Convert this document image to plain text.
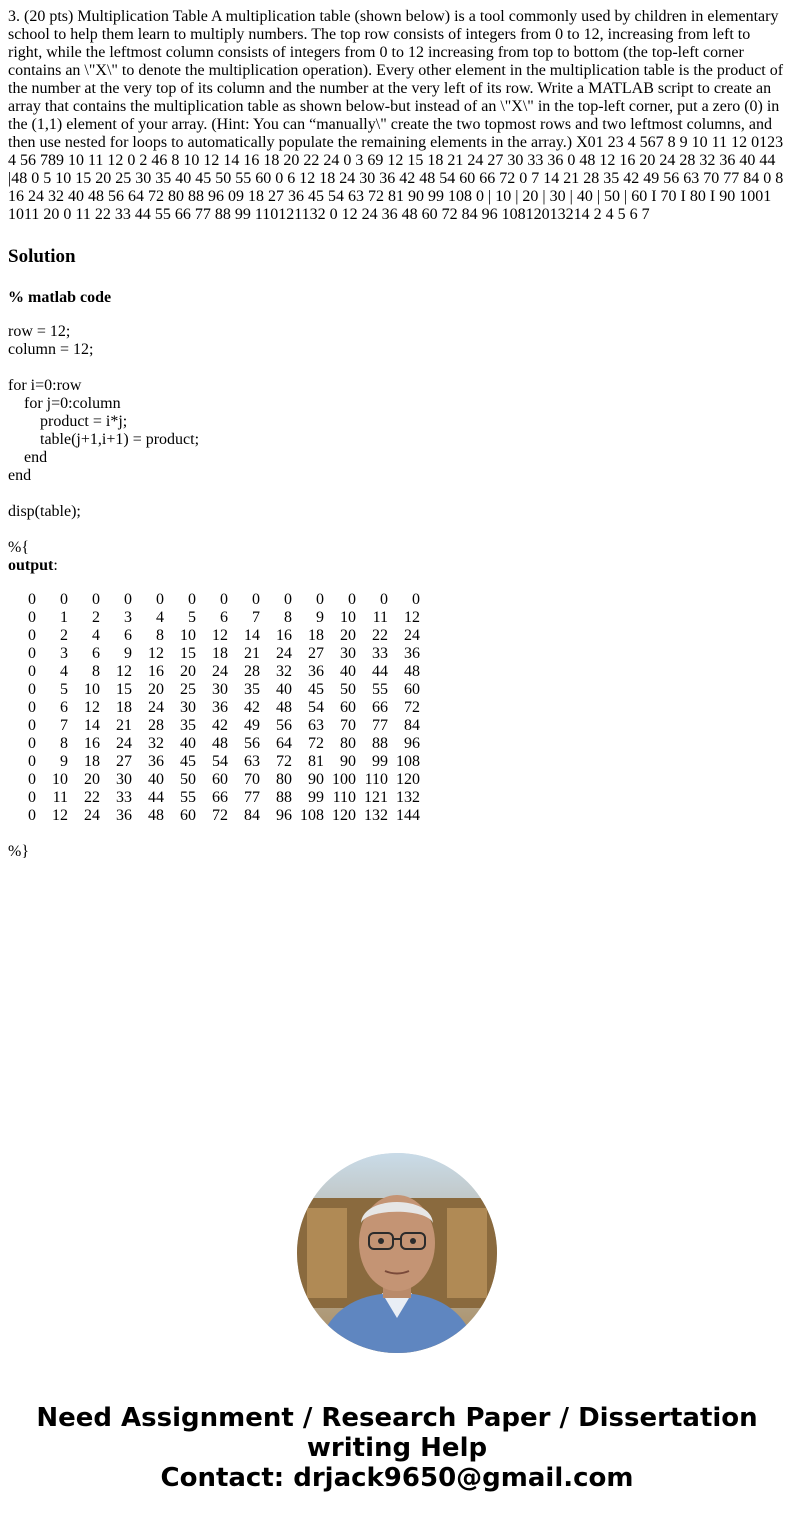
3. (20 pts) Multiplication Table A multiplication table (shown below) is a tool commonly used by children in elementary school to help them learn to multiply numbers. The top row consists of integers from 0 to 12, increasing from left to right, while the leftmost column consists of integers from 0 to 12 increasing from top to bottom (the top-left corner contains an \"X\" to denote the multiplication operation). Every other element in the multiplication table is the product of the number at the very top of its column and the number at the very left of its row. Write a MATLAB script to create an array that contains the multiplication table as shown below-but instead of an \"X\" in the top-left corner, put a zero (0) in the (1,1) element of your array. (Hint: You can “manually\" create the two topmost rows and two leftmost columns, and then use nested for loops to automatically populate the remaining elements in the array.) X01 23 4 567 8 9 10 11 12 0123 4 56 789 10 11 12 0 2 46 8 10 12 14 16 18 20 22 24 0 3 69 12 15 18 21 24 27 30 33 36 0 48 12 16 20 24 28 32 36 40 44 |48 0 5 10 15 20 25 30 35 40 45 50 55 60 0 6 12 18 24 30 36 42 48 54 60 66 72 0 7 14 21 28 35 42 49 56 63 70 77 84 0 8 16 24 32 40 48 56 64 72 80 88 96 09 18 27 36 45 54 63 72 81 90 99 108 0 | 10 | 20 | 30 | 40 | 50 | 60 I 70 I 80 I 90 1001 1011 20 0 11 22 33 44 55 66 77 88 99 110121132 0 12 24 36 48 60 72 84 96 10812013214 2 4 5 6 7

Solution
% matlab code
row = 12;
column = 12;

for i=0:row
for j=0:column
product = i*j;
table(j+1,i+1) = product;
end
end

disp(table);

%{
output:
0	0	0	0	0	0	0	0	0	0	0	0	0
0	1	2	3	4	5	6	7	8	9	10	11	12
0	2	4	6	8	10	12	14	16	18	20	22	24
0	3	6	9	12	15	18	21	24	27	30	33	36
0	4	8	12	16	20	24	28	32	36	40	44	48
0	5	10	15	20	25	30	35	40	45	50	55	60
0	6	12	18	24	30	36	42	48	54	60	66	72
0	7	14	21	28	35	42	49	56	63	70	77	84
0	8	16	24	32	40	48	56	64	72	80	88	96
0	9	18	27	36	45	54	63	72	81	90	99 108
0	10	20	30	40	50	60	70	80	90 100 110 120
0	11	22	33	44	55	66	77	88	99 110 121 132
0	12	24	36	48	60	72	84	96 108 120 132 144
%}
Need Assignment / Research Paper / Dissertation
writing Help
Contact: drjack9650@gmail.com
